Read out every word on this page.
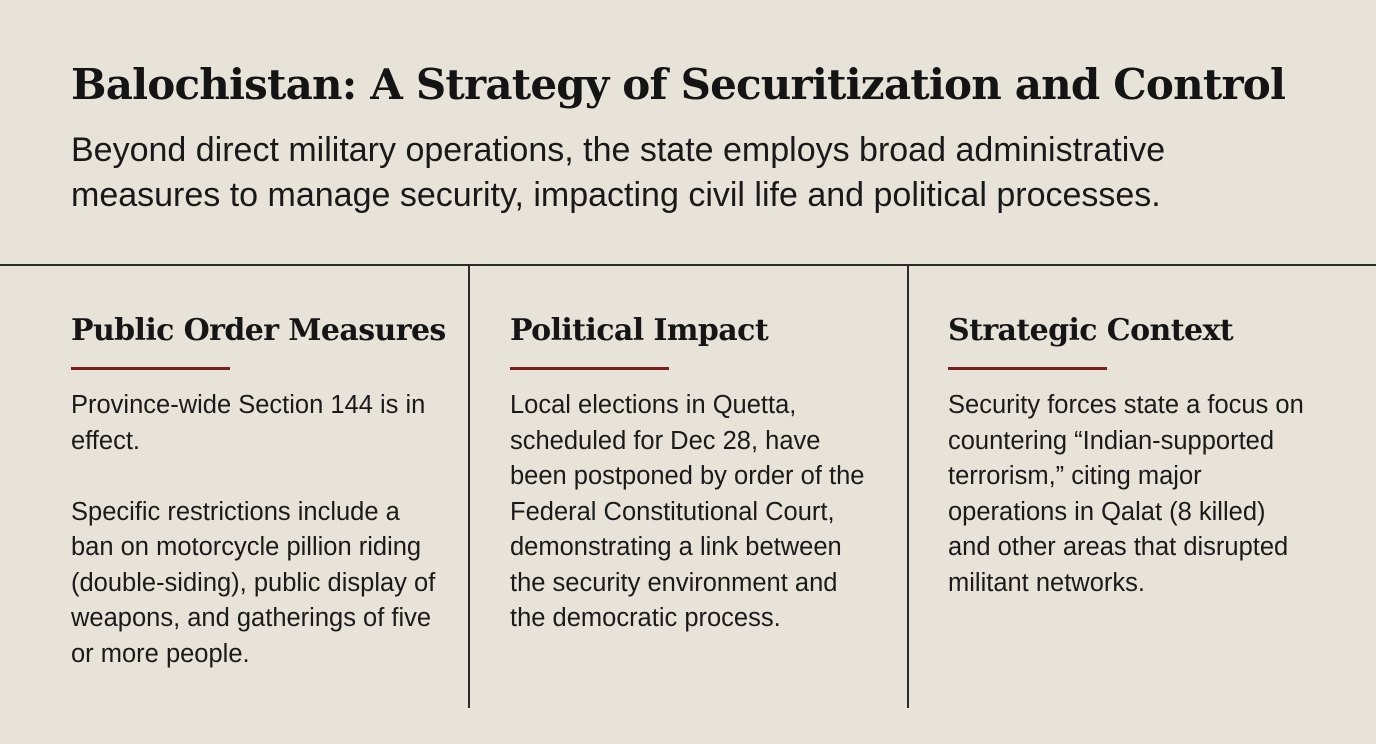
Balochistan: A Strategy of Securitization and Control

Beyond direct military operations, the state employs broad administrative measures to manage security, impacting civil life and political processes.

Public Order Measures

Province-wide Section 144 is in effect.

Specific restrictions include a ban on motorcycle pillion riding (double-siding), public display of weapons, and gatherings of five or more people.

Political Impact

Local elections in Quetta, scheduled for Dec 28, have been postponed by order of the Federal Constitutional Court, demonstrating a link between the security environment and the democratic process.

Strategic Context

Security forces state a focus on countering “Indian-supported terrorism,” citing major operations in Qalat (8 killed) and other areas that disrupted militant networks.
